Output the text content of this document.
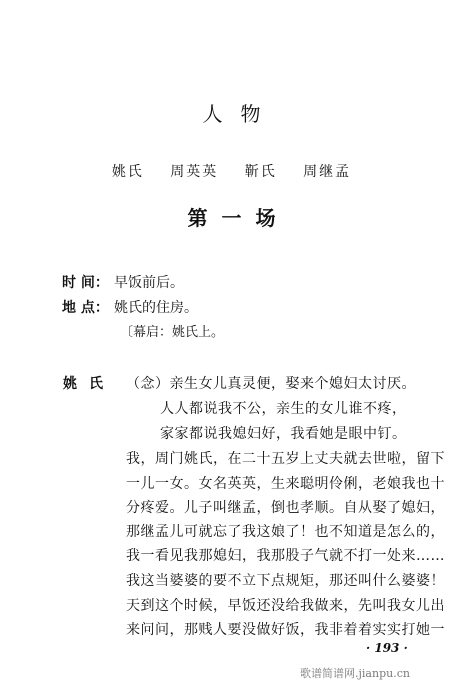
人物
姚氏 周英英 靳氏 周继孟
第一场
时 间： 早饭前后。
地 点： 姚氏的住房。
〔幕启：姚氏上。
姚氏 （念）亲生女儿真灵便，娶来个媳妇太讨厌。
人人都说我不公，亲生的女儿谁不疼，
家家都说我媳妇好，我看她是眼中钉。
我，周门姚氏，在二十五岁上丈夫就去世啦，留下
一儿一女。女名英英，生来聪明伶俐，老娘我也十
分疼爱。儿子叫继孟，倒也孝顺。自从娶了媳妇，
那继孟儿可就忘了我这娘了！也不知道是怎么的，
我一看见我那媳妇，我那股子气就不打一处来……
我这当婆婆的要不立下点规矩，那还叫什么婆婆！
天到这个时候，早饭还没给我做来，先叫我女儿出
来问问，那贱人要没做好饭，我非着着实实打她一
· 193 ·
歌谱简谱网.jianpu.cn
